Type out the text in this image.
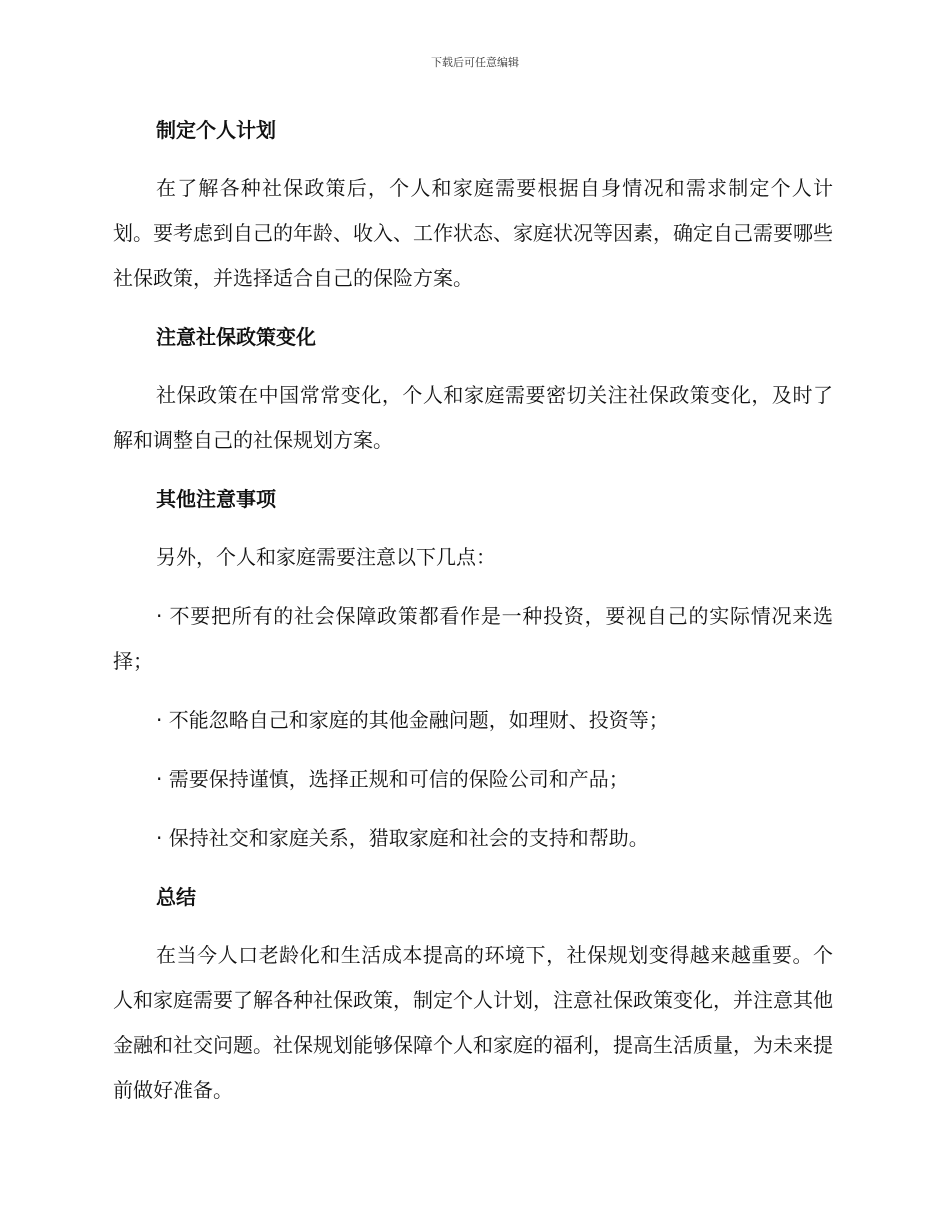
下载后可任意编辑
制定个人计划

在了解各种社保政策后，个人和家庭需要根据自身情况和需求制定个人计划。要考虑到自己的年龄、收入、工作状态、家庭状况等因素，确定自己需要哪些社保政策，并选择适合自己的保险方案。

注意社保政策变化

社保政策在中国常常变化，个人和家庭需要密切关注社保政策变化，及时了解和调整自己的社保规划方案。

其他注意事项

另外，个人和家庭需要注意以下几点：

· 不要把所有的社会保障政策都看作是一种投资，要视自己的实际情况来选择；

· 不能忽略自己和家庭的其他金融问题，如理财、投资等；

· 需要保持谨慎，选择正规和可信的保险公司和产品；

· 保持社交和家庭关系，猎取家庭和社会的支持和帮助。

总结

在当今人口老龄化和生活成本提高的环境下，社保规划变得越来越重要。个人和家庭需要了解各种社保政策，制定个人计划，注意社保政策变化，并注意其他金融和社交问题。社保规划能够保障个人和家庭的福利，提高生活质量，为未来提前做好准备。
